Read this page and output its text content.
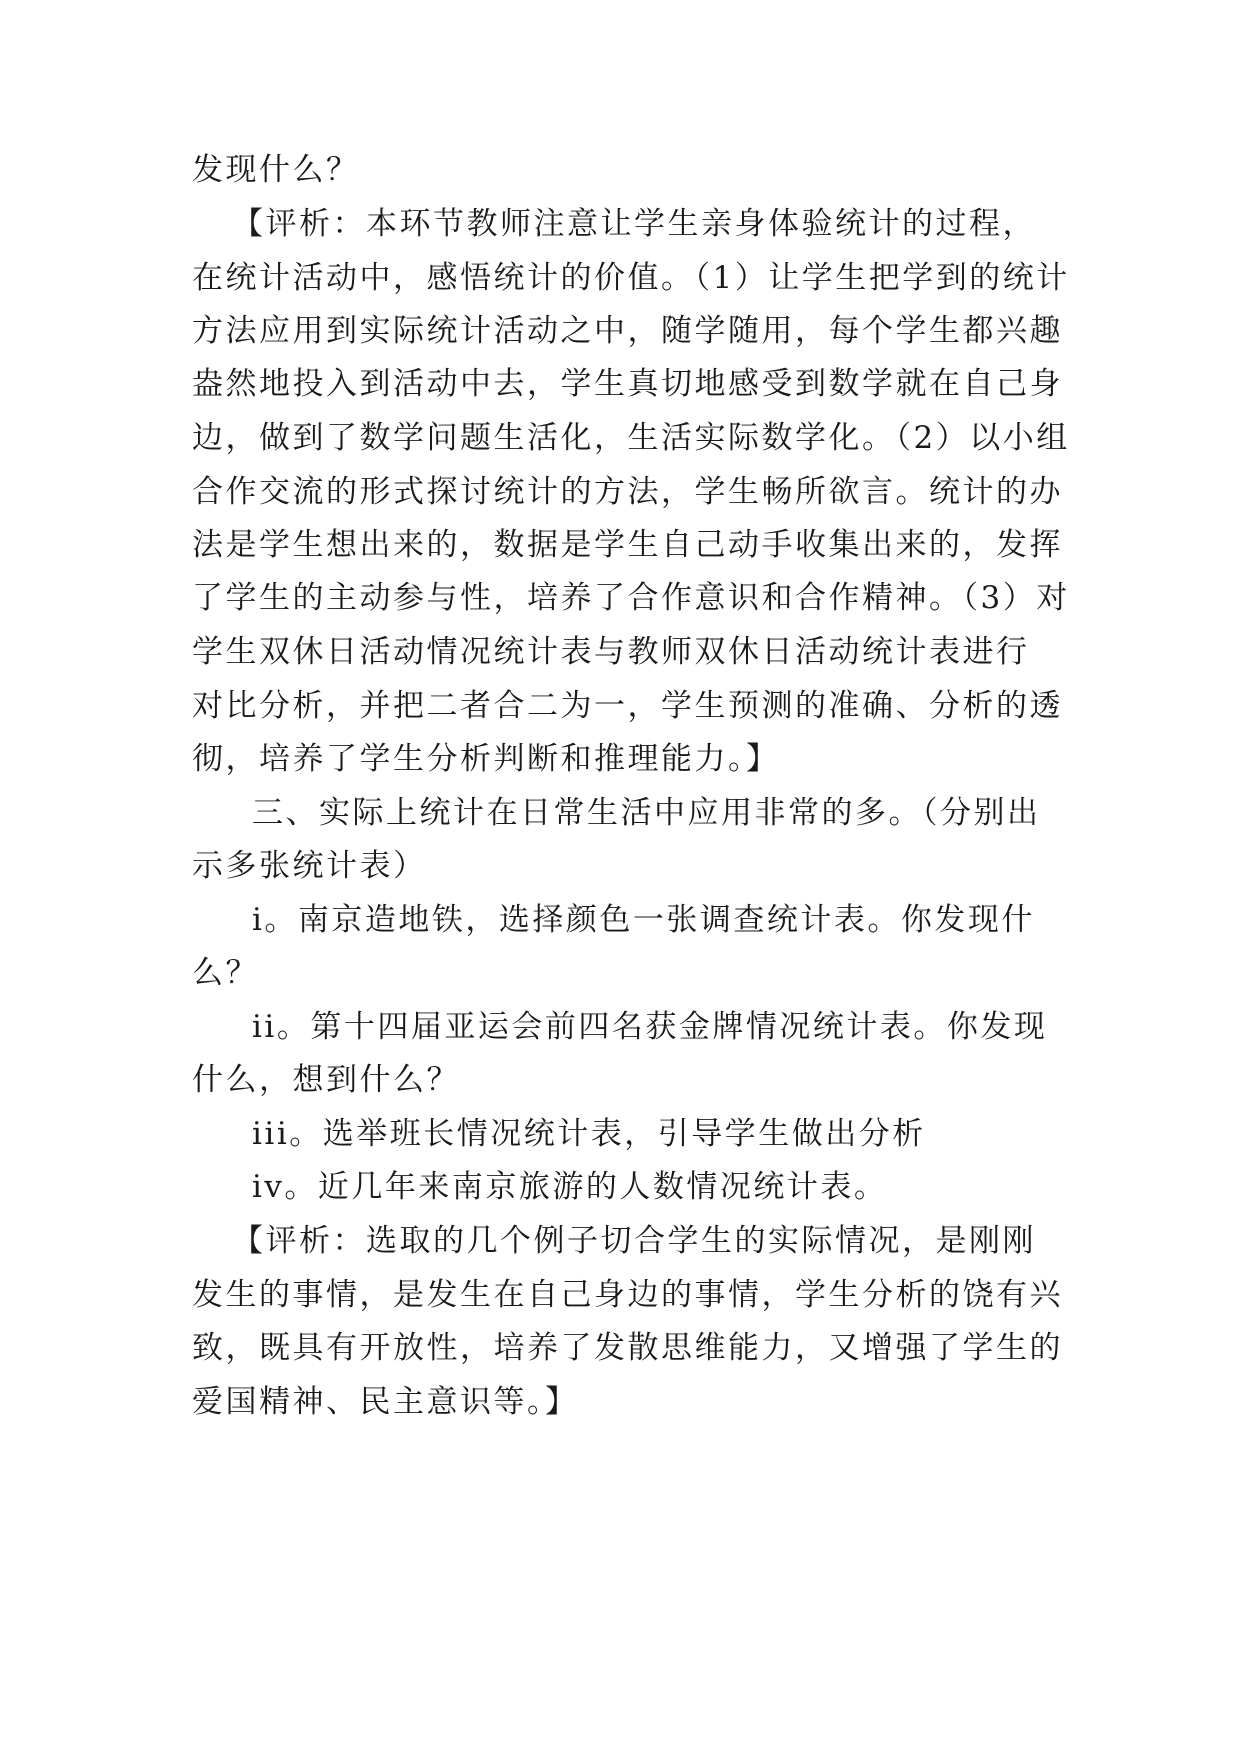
发现什么？
【评析：本环节教师注意让学生亲身体验统计的过程，
在统计活动中，感悟统计的价值。（1）让学生把学到的统计
方法应用到实际统计活动之中，随学随用，每个学生都兴趣
盎然地投入到活动中去，学生真切地感受到数学就在自己身
边，做到了数学问题生活化，生活实际数学化。（2）以小组
合作交流的形式探讨统计的方法，学生畅所欲言。统计的办
法是学生想出来的，数据是学生自己动手收集出来的，发挥
了学生的主动参与性，培养了合作意识和合作精神。（3）对
学生双休日活动情况统计表与教师双休日活动统计表进行
对比分析，并把二者合二为一，学生预测的准确、分析的透
彻，培养了学生分析判断和推理能力。】
三、实际上统计在日常生活中应用非常的多。（分别出
示多张统计表）
i。南京造地铁，选择颜色一张调查统计表。你发现什
么？
ii。第十四届亚运会前四名获金牌情况统计表。你发现
什么，想到什么？
iii。选举班长情况统计表，引导学生做出分析
iv。近几年来南京旅游的人数情况统计表。
【评析：选取的几个例子切合学生的实际情况，是刚刚
发生的事情，是发生在自己身边的事情，学生分析的饶有兴
致，既具有开放性，培养了发散思维能力，又增强了学生的
爱国精神、民主意识等。】
